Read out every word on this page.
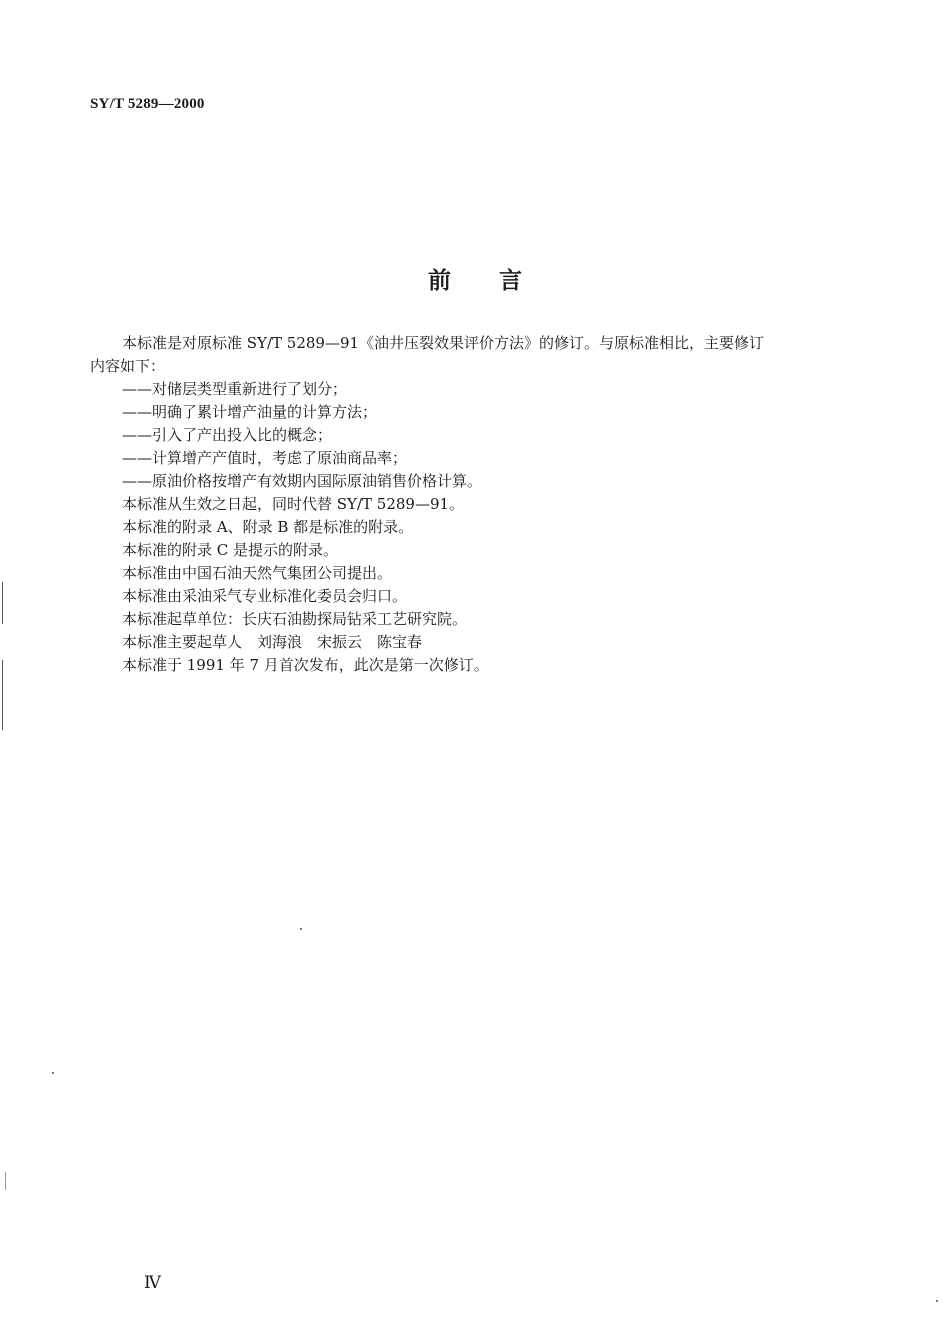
SY/T 5289—2000
前言

本标准是对原标准 SY/T 5289—91《油井压裂效果评价方法》的修订。与原标准相比，主要修订

内容如下：

——对储层类型重新进行了划分；

——明确了累计增产油量的计算方法；

——引入了产出投入比的概念；

——计算增产产值时，考虑了原油商品率；

——原油价格按增产有效期内国际原油销售价格计算。

本标准从生效之日起，同时代替 SY/T 5289—91。

本标准的附录 A、附录 B 都是标准的附录。

本标准的附录 C 是提示的附录。

本标准由中国石油天然气集团公司提出。

本标准由采油采气专业标准化委员会归口。

本标准起草单位：长庆石油勘探局钻采工艺研究院。

本标准主要起草人　刘海浪　宋振云　陈宝春

本标准于 1991 年 7 月首次发布，此次是第一次修订。

Ⅳ
